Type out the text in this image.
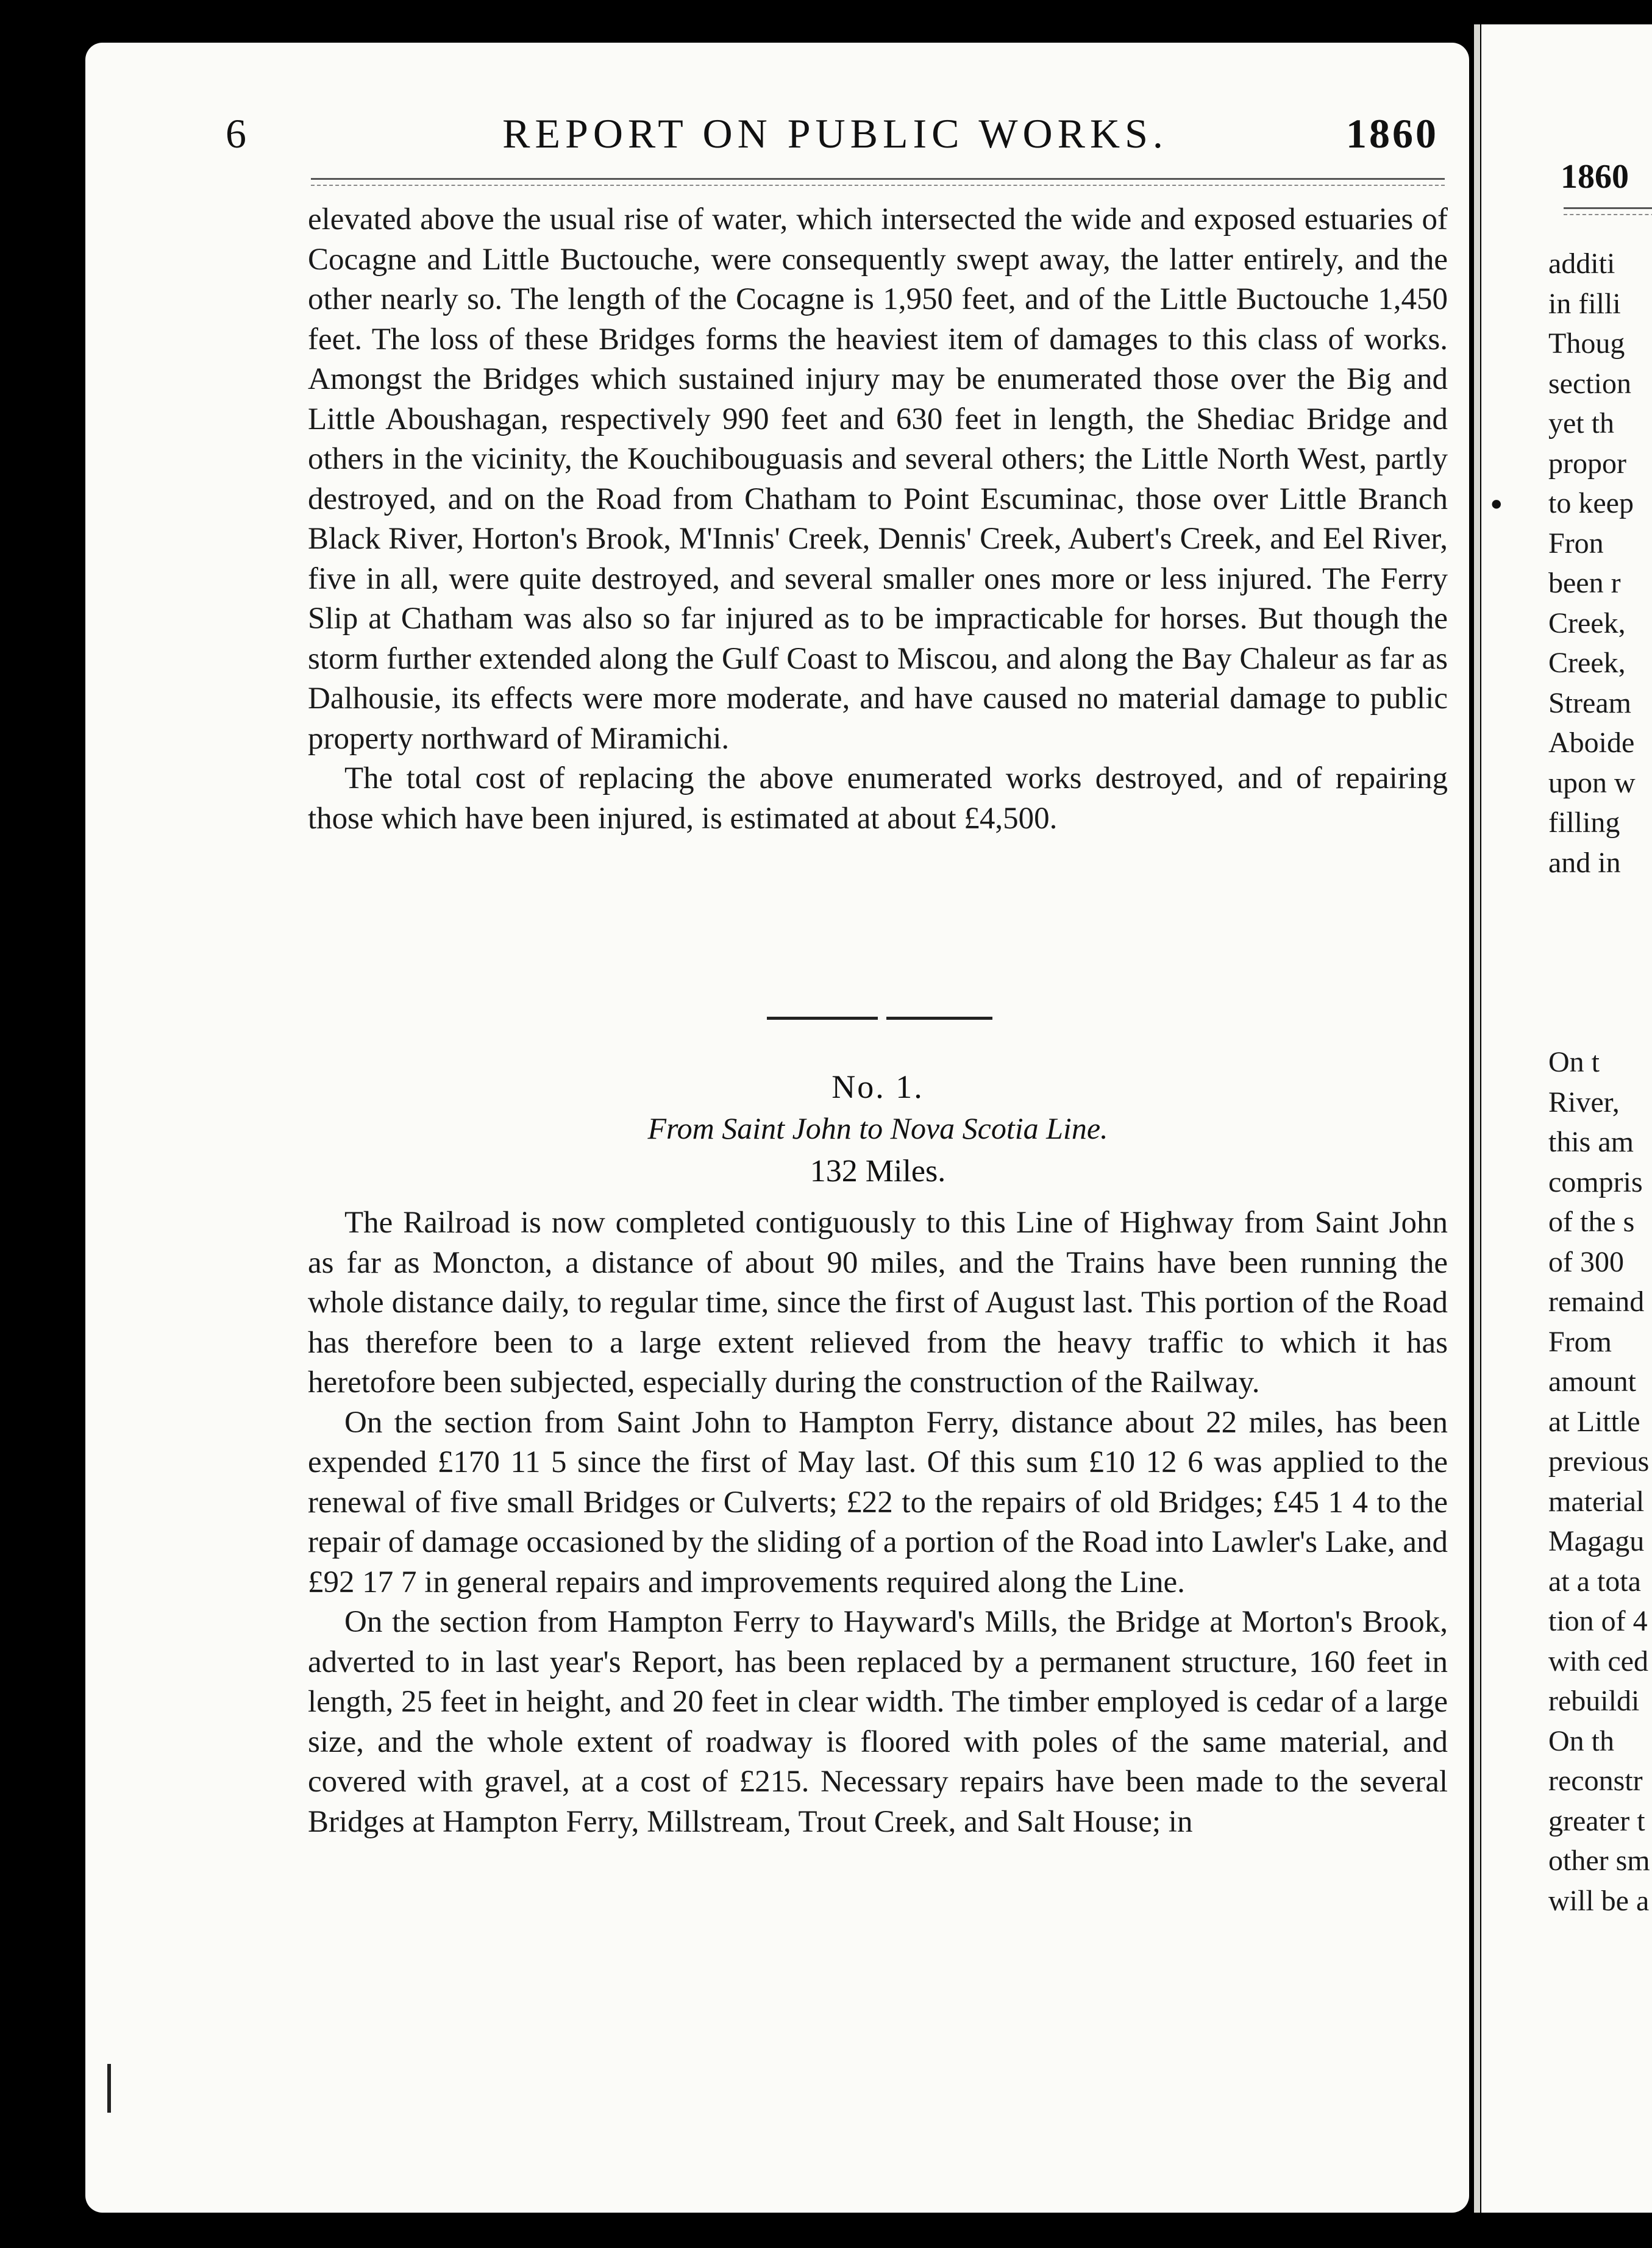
6	REPORT ON PUBLIC WORKS.	1860

elevated above the usual rise of water, which intersected the wide and exposed estuaries of Cocagne and Little Buctouche, were consequently swept away, the latter entirely, and the other nearly so. The length of the Cocagne is 1,950 feet, and of the Little Buctouche 1,450 feet. The loss of these Bridges forms the heaviest item of damages to this class of works. Amongst the Bridges which sustained injury may be enumerated those over the Big and Little Aboushagan, respectively 990 feet and 630 feet in length, the Shediac Bridge and others in the vicinity, the Kouchibouguasis and several others; the Little North West, partly destroyed, and on the Road from Chatham to Point Escuminac, those over Little Branch Black River, Horton's Brook, M'Innis' Creek, Dennis' Creek, Aubert's Creek, and Eel River, five in all, were quite destroyed, and several smaller ones more or less injured. The Ferry Slip at Chatham was also so far injured as to be impracticable for horses. But though the storm further extended along the Gulf Coast to Miscou, and along the Bay Chaleur as far as Dalhousie, its effects were more moderate, and have caused no material damage to public property northward of Miramichi.

The total cost of replacing the above enumerated works destroyed, and of repairing those which have been injured, is estimated at about £4,500.

No. 1.
From Saint John to Nova Scotia Line.
132 Miles.

The Railroad is now completed contiguously to this Line of Highway from Saint John as far as Moncton, a distance of about 90 miles, and the Trains have been running the whole distance daily, to regular time, since the first of August last. This portion of the Road has therefore been to a large extent relieved from the heavy traffic to which it has heretofore been subjected, especially during the construction of the Railway.

On the section from Saint John to Hampton Ferry, distance about 22 miles, has been expended £170 11 5 since the first of May last. Of this sum £10 12 6 was applied to the renewal of five small Bridges or Culverts; £22 to the repairs of old Bridges; £45 1 4 to the repair of damage occasioned by the sliding of a portion of the Road into Lawler's Lake, and £92 17 7 in general repairs and improvements required along the Line.

On the section from Hampton Ferry to Hayward's Mills, the Bridge at Morton's Brook, adverted to in last year's Report, has been replaced by a permanent structure, 160 feet in length, 25 feet in height, and 20 feet in clear width. The timber employed is cedar of a large size, and the whole extent of roadway is floored with poles of the same material, and covered with gravel, at a cost of £215. Necessary repairs have been made to the several Bridges at Hampton Ferry, Millstream, Trout Creek, and Salt House; in

1860
•
additi
in filli
Thoug
section
yet th
propor
to keep
Fron
been r
Creek,
Creek,
Stream
Aboide
upon w
filling
and in
On t
River,
this am
compris
of the s
of 300
remaind
From
amount
at Little
previous
material
Magagu
at a tota
tion of 4
with ced
rebuildi
On th
reconstr
greater t
other sm
will be a
